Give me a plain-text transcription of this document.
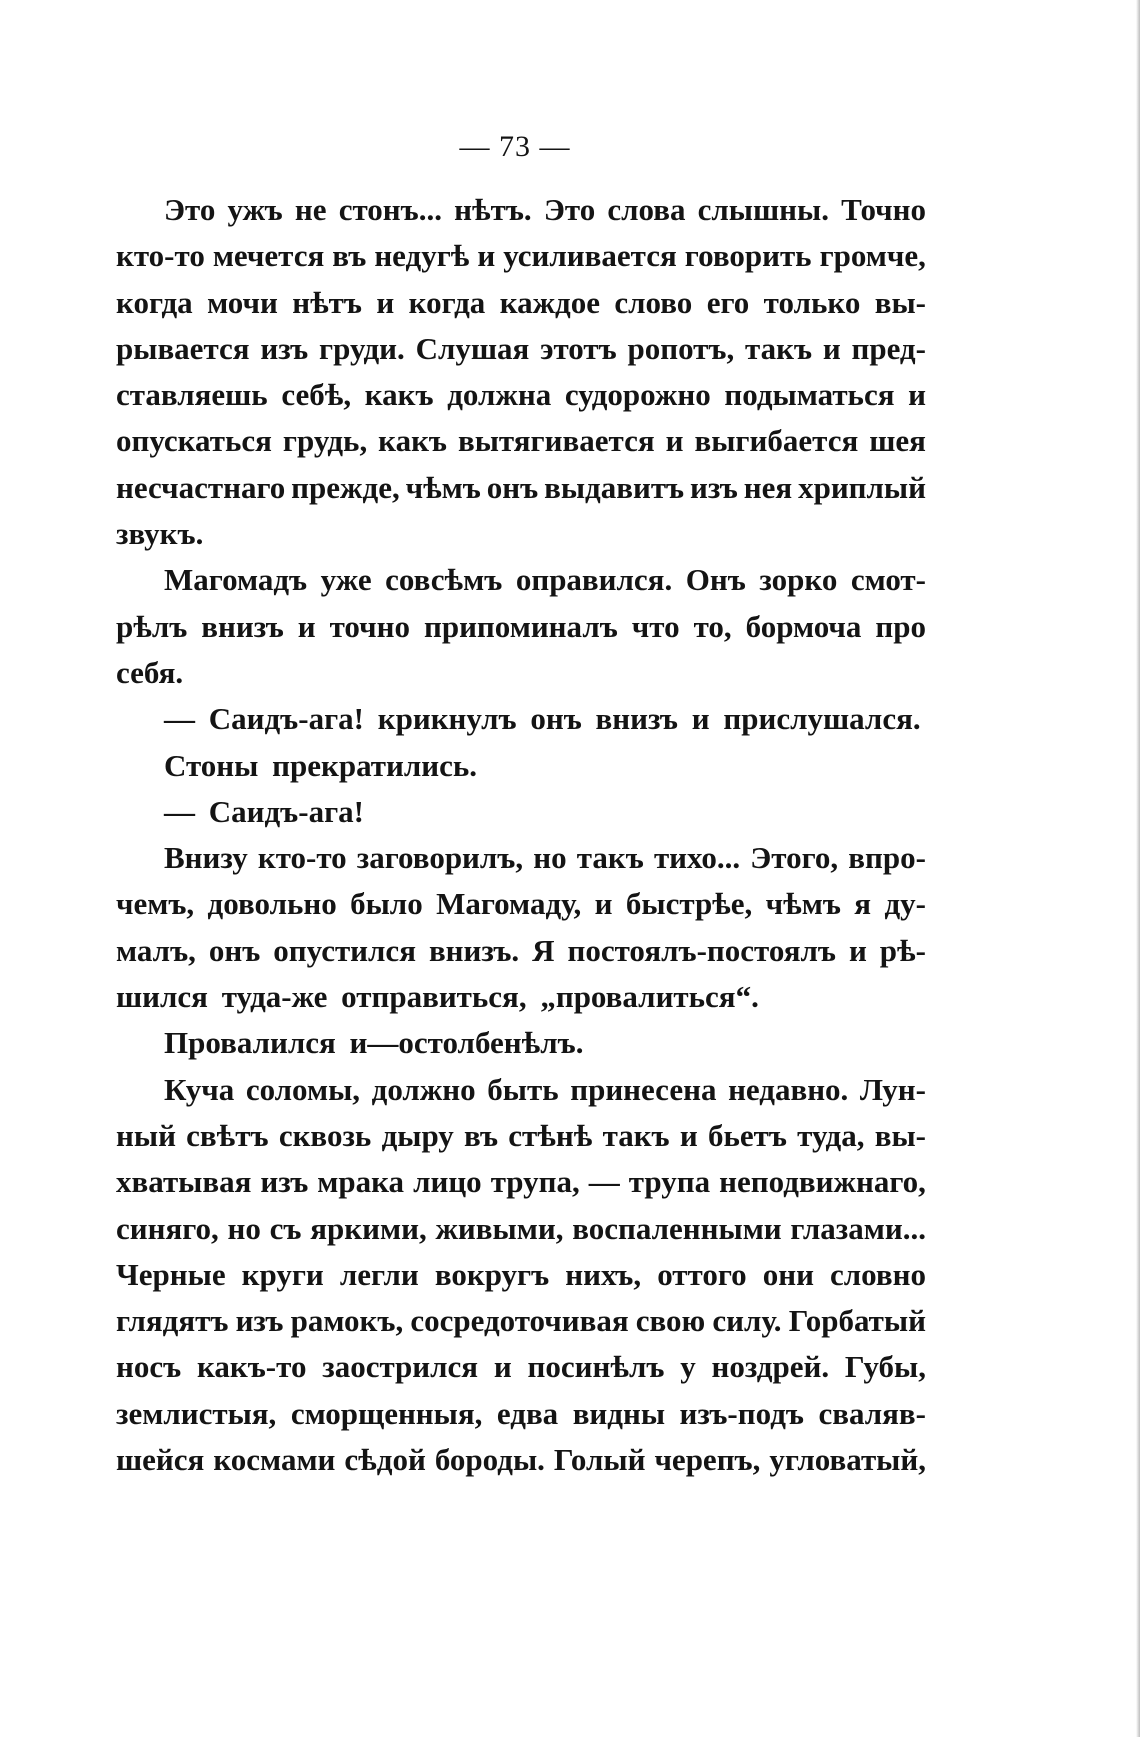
— 73 —
Это ужъ не стонъ... нѣтъ. Это слова слышны. Точно
кто-то мечется въ недугѣ и усиливается говорить громче,
когда мочи нѣтъ и когда каждое слово его только вы-
рывается изъ груди. Слушая этотъ ропотъ, такъ и пред-
ставляешь себѣ, какъ должна судорожно подыматься и
опускаться грудь, какъ вытягивается и выгибается шея
несчастнаго прежде, чѣмъ онъ выдавитъ изъ нея хриплый
звукъ.
Магомадъ уже совсѣмъ оправился. Онъ зорко смот-
рѣлъ внизъ и точно припоминалъ что то, бормоча про
себя.
— Саидъ-ага! крикнулъ онъ внизъ и прислушался.
Стоны прекратились.
— Саидъ-ага!
Внизу кто-то заговорилъ, но такъ тихо... Этого, впро-
чемъ, довольно было Магомаду, и быстрѣе, чѣмъ я ду-
малъ, онъ опустился внизъ. Я постоялъ-постоялъ и рѣ-
шился туда-же отправиться, „провалиться“.
Провалился и—остолбенѣлъ.
Куча соломы, должно быть принесена недавно. Лун-
ный свѣтъ сквозь дыру въ стѣнѣ такъ и бьетъ туда, вы-
хватывая изъ мрака лицо трупа, — трупа неподвижнаго,
синяго, но съ яркими, живыми, воспаленными глазами...
Черные круги легли вокругъ нихъ, оттого они словно
глядятъ изъ рамокъ, сосредоточивая свою силу. Горбатый
носъ какъ-то заострился и посинѣлъ у ноздрей. Губы,
землистыя, сморщенныя, едва видны изъ-подъ сваляв-
шейся космами сѣдой бороды. Голый черепъ, угловатый,
